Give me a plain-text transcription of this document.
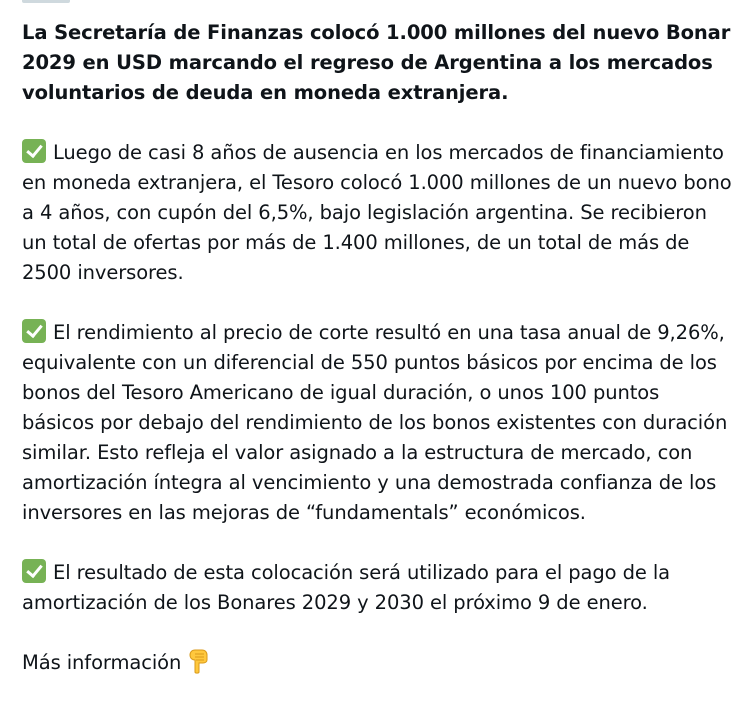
La Secretaría de Finanzas colocó 1.000 millones del nuevo Bonar 2029 en USD marcando el regreso de Argentina a los mercados voluntarios de deuda en moneda extranjera.
Luego de casi 8 años de ausencia en los mercados de financiamiento en moneda extranjera, el Tesoro colocó 1.000 millones de un nuevo bono a 4 años, con cupón del 6,5%, bajo legislación argentina. Se recibieron un total de ofertas por más de 1.400 millones, de un total de más de 2500 inversores.
El rendimiento al precio de corte resultó en una tasa anual de 9,26%, equivalente con un diferencial de 550 puntos básicos por encima de los bonos del Tesoro Americano de igual duración, o unos 100 puntos básicos por debajo del rendimiento de los bonos existentes con duración similar. Esto refleja el valor asignado a la estructura de mercado, con amortización íntegra al vencimiento y una demostrada confianza de los inversores en las mejoras de “fundamentals” económicos.
El resultado de esta colocación será utilizado para el pago de la amortización de los Bonares 2029 y 2030 el próximo 9 de enero.
Más información
